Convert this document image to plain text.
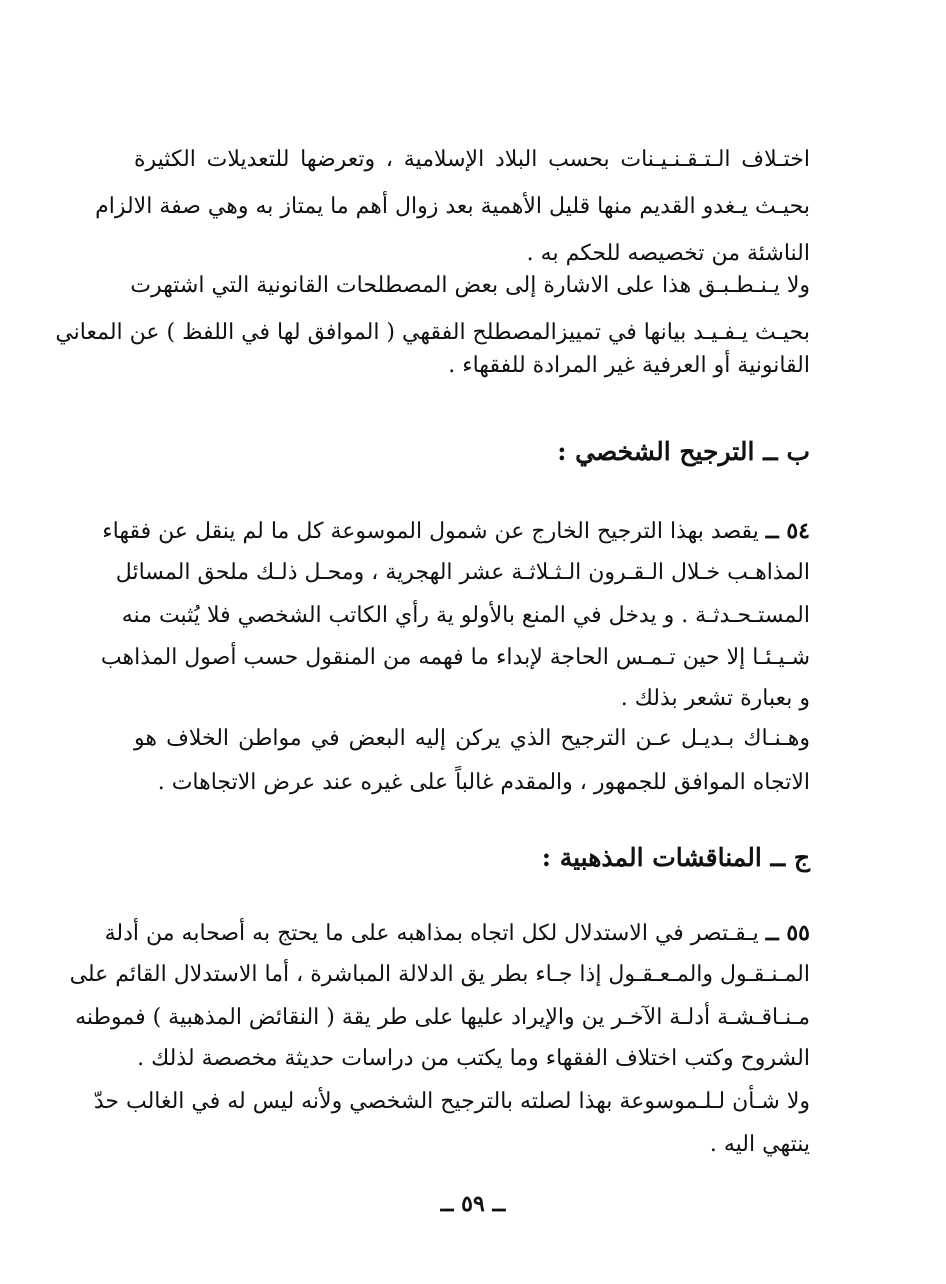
اختـلاف الـتـقـنـيـنات بحسب البلاد الإسلامية ، وتعرضها للتعديلات الكثيرة
بحيـث يـغدو القديم منها قليل الأهمية بعد زوال أهم ما يمتاز به وهي صفة الالزام
الناشئة من تخصيصه للحكم به .
ولا يـنـطـبـق هذا على الاشارة إلى بعض المصطلحات القانونية التي اشتهرت
بحيـث يـفـيـد بيانها في تمييزالمصطلح الفقهي ( الموافق لها في اللفظ ) عن المعاني
القانونية أو العرفية غير المرادة للفقهاء .
ب ــ الترجيح الشخصي :
٥٤ ــ يقصد بهذا الترجيح الخارج عن شمول الموسوعة كل ما لم ينقل عن فقهاء
المذاهـب خـلال الـقـرون الـثـلاثـة عشر الهجرية ، ومحـل ذلـك ملحق المسائل
المستـحـدثـة . و يدخل في المنع بالأولو ية رأي الكاتب الشخصي فلا يُثبت منه
شـيـئـا إلا حين تـمـس الحاجة لإبداء ما فهمه من المنقول حسب أصول المذاهب
و بعبارة تشعر بذلك .
وهـنـاك بـديـل عـن الترجيح الذي يركن إليه البعض في مواطن الخلاف هو
الاتجاه الموافق للجمهور ، والمقدم غالباً على غيره عند عرض الاتجاهات .
ج ــ المناقشات المذهبية :
٥٥ ــ يـقـتصر في الاستدلال لكل اتجاه بمذاهبه على ما يحتج به أصحابه من أدلة
المـنـقـول والمـعـقـول إذا جـاء بطر يق الدلالة المباشرة ، أما الاستدلال القائم على
مـنـاقـشـة أدلـة الآخـر ين والإيراد عليها على طر يقة ( النقائض المذهبية ) فموطنه
الشروح وكتب اختلاف الفقهاء وما يكتب من دراسات حديثة مخصصة لذلك .
ولا شـأن لـلـموسوعة بهذا لصلته بالترجيح الشخصي ولأنه ليس له في الغالب حدّ
ينتهي اليه .
ــ ٥٩ ــ
